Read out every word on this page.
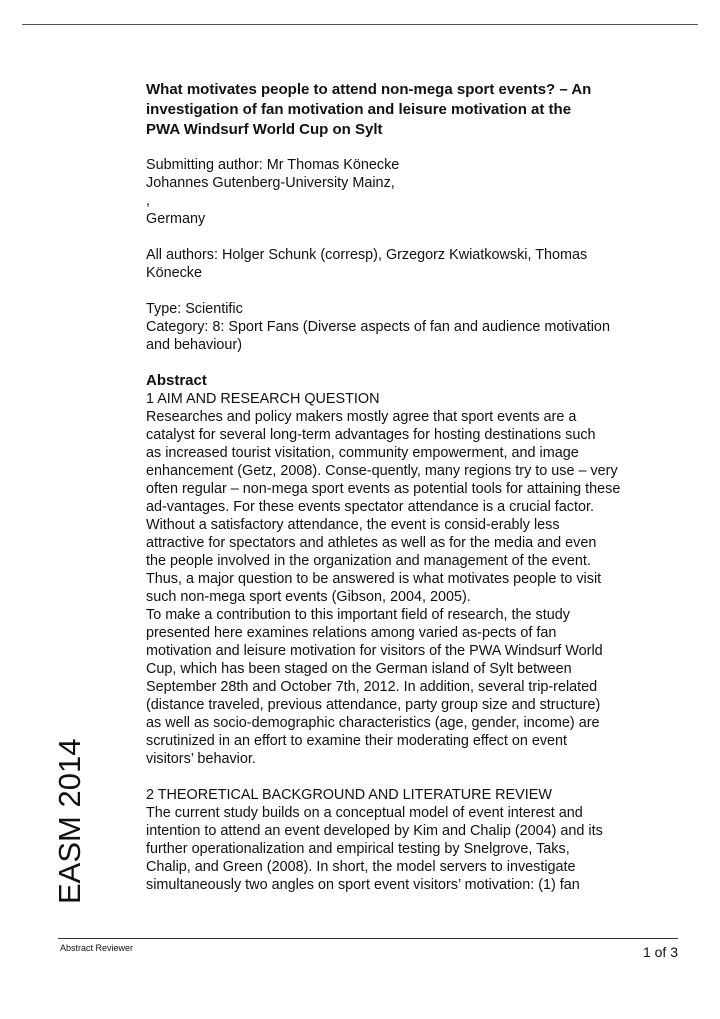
EASM 2014
What motivates people to attend non-mega sport events? – An
investigation of fan motivation and leisure motivation at the
PWA Windsurf World Cup on Sylt
Submitting author: Mr Thomas Könecke
Johannes Gutenberg-University Mainz,
,
Germany
All authors: Holger Schunk (corresp), Grzegorz Kwiatkowski, Thomas
Könecke
Type: Scientific
Category: 8: Sport Fans (Diverse aspects of fan and audience motivation
and behaviour)
Abstract
1 AIM AND RESEARCH QUESTION
Researches and policy makers mostly agree that sport events are a
catalyst for several long-term advantages for hosting destinations such
as increased tourist visitation, community empowerment, and image
enhancement (Getz, 2008). Conse-quently, many regions try to use – very
often regular – non-mega sport events as potential tools for attaining these
ad-vantages. For these events spectator attendance is a crucial factor.
Without a satisfactory attendance, the event is consid-erably less
attractive for spectators and athletes as well as for the media and even
the people involved in the organization and management of the event.
Thus, a major question to be answered is what motivates people to visit
such non-mega sport events (Gibson, 2004, 2005).
To make a contribution to this important field of research, the study
presented here examines relations among varied as-pects of fan
motivation and leisure motivation for visitors of the PWA Windsurf World
Cup, which has been staged on the German island of Sylt between
September 28th and October 7th, 2012. In addition, several trip-related
(distance traveled, previous attendance, party group size and structure)
as well as socio-demographic characteristics (age, gender, income) are
scrutinized in an effort to examine their moderating effect on event
visitors’ behavior.
2 THEORETICAL BACKGROUND AND LITERATURE REVIEW
The current study builds on a conceptual model of event interest and
intention to attend an event developed by Kim and Chalip (2004) and its
further operationalization and empirical testing by Snelgrove, Taks,
Chalip, and Green (2008). In short, the model servers to investigate
simultaneously two angles on sport event visitors’ motivation: (1) fan
Abstract Reviewer	1 of 3
